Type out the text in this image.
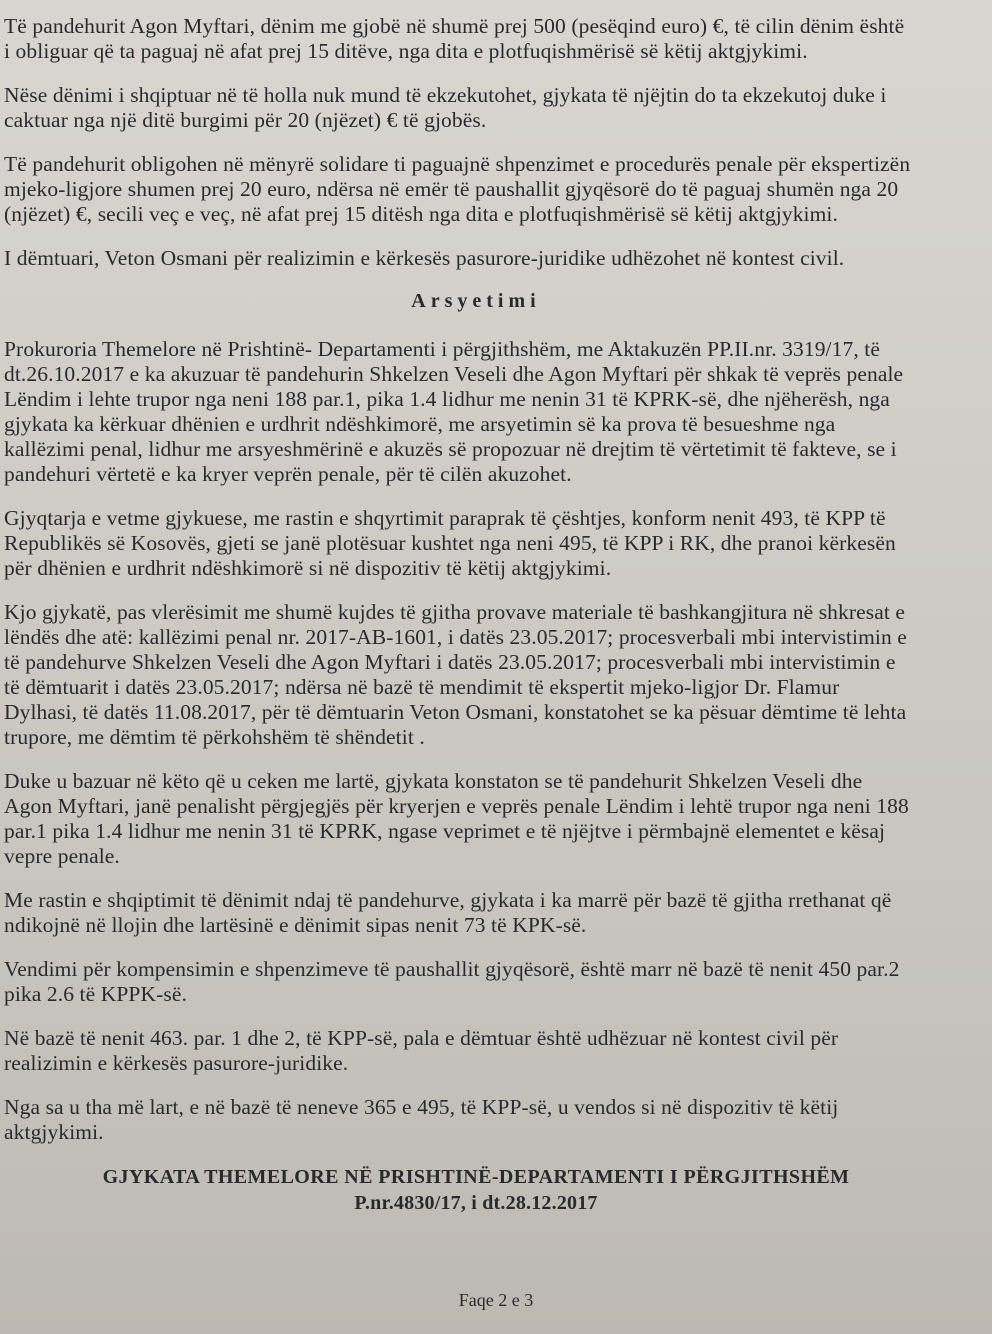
Të pandehurit Agon Myftari, dënim me gjobë në shumë prej 500 (pesëqind euro) €, të cilin dënim është
i obliguar që ta paguaj në afat prej 15 ditëve, nga dita e plotfuqishmërisë së këtij aktgjykimi.
Nëse dënimi i shqiptuar në të holla nuk mund të ekzekutohet, gjykata të njëjtin do ta ekzekutoj duke i
caktuar nga një ditë burgimi për 20 (njëzet) € të gjobës.
Të pandehurit obligohen në mënyrë solidare ti paguajnë shpenzimet e procedurës penale për ekspertizën
mjeko-ligjore shumen prej 20 euro, ndërsa në emër të paushallit gjyqësorë do të paguaj shumën nga 20
(njëzet) €, secili veç e veç, në afat prej 15 ditësh nga dita e plotfuqishmërisë së këtij aktgjykimi.
I dëmtuari, Veton Osmani për realizimin e kërkesës pasurore-juridike udhëzohet në kontest civil.
Arsyetimi
Prokuroria Themelore në Prishtinë- Departamenti i përgjithshëm, me Aktakuzën PP.II.nr. 3319/17, të
dt.26.10.2017 e ka akuzuar të pandehurin Shkelzen Veseli dhe Agon Myftari për shkak të veprës penale
Lëndim i lehte trupor nga neni 188 par.1, pika 1.4 lidhur me nenin 31 të KPRK-së, dhe njëherësh, nga
gjykata ka kërkuar dhënien e urdhrit ndëshkimorë, me arsyetimin së ka prova të besueshme nga
kallëzimi penal, lidhur me arsyeshmërinë e akuzës së propozuar në drejtim të vërtetimit të fakteve, se i
pandehuri vërtetë e ka kryer veprën penale, për të cilën akuzohet.
Gjyqtarja e vetme gjykuese, me rastin e shqyrtimit paraprak të çështjes, konform nenit 493, të KPP të
Republikës së Kosovës, gjeti se janë plotësuar kushtet nga neni 495, të KPP i RK, dhe pranoi kërkesën
për dhënien e urdhrit ndëshkimorë si në dispozitiv të këtij aktgjykimi.
Kjo gjykatë, pas vlerësimit me shumë kujdes të gjitha provave materiale të bashkangjitura në shkresat e
lëndës dhe atë: kallëzimi penal nr. 2017-AB-1601, i datës 23.05.2017; procesverbali mbi intervistimin e
të pandehurve Shkelzen Veseli dhe Agon Myftari i datës 23.05.2017; procesverbali mbi intervistimin e
të dëmtuarit i datës 23.05.2017; ndërsa në bazë të mendimit të ekspertit mjeko-ligjor Dr. Flamur
Dylhasi, të datës 11.08.2017, për të dëmtuarin Veton Osmani, konstatohet se ka pësuar dëmtime të lehta
trupore, me dëmtim të përkohshëm të shëndetit .
Duke u bazuar në këto që u ceken me lartë, gjykata konstaton se të pandehurit Shkelzen Veseli dhe
Agon Myftari, janë penalisht përgjegjës për kryerjen e veprës penale Lëndim i lehtë trupor nga neni 188
par.1 pika 1.4 lidhur me nenin 31 të KPRK, ngase veprimet e të njëjtve i përmbajnë elementet e kësaj
vepre penale.
Me rastin e shqiptimit të dënimit ndaj të pandehurve, gjykata i ka marrë për bazë të gjitha rrethanat që
ndikojnë në llojin dhe lartësinë e dënimit sipas nenit 73 të KPK-së.
Vendimi për kompensimin e shpenzimeve të paushallit gjyqësorë, është marr në bazë të nenit 450 par.2
pika 2.6 të KPPK-së.
Në bazë të nenit 463. par. 1 dhe 2, të KPP-së, pala e dëmtuar është udhëzuar në kontest civil për
realizimin e kërkesës pasurore-juridike.
Nga sa u tha më lart, e në bazë të neneve 365 e 495, të KPP-së, u vendos si në dispozitiv të këtij
aktgjykimi.
GJYKATA THEMELORE NË PRISHTINË-DEPARTAMENTI I PËRGJITHSHËM
P.nr.4830/17, i dt.28.12.2017
Faqe 2 e 3
